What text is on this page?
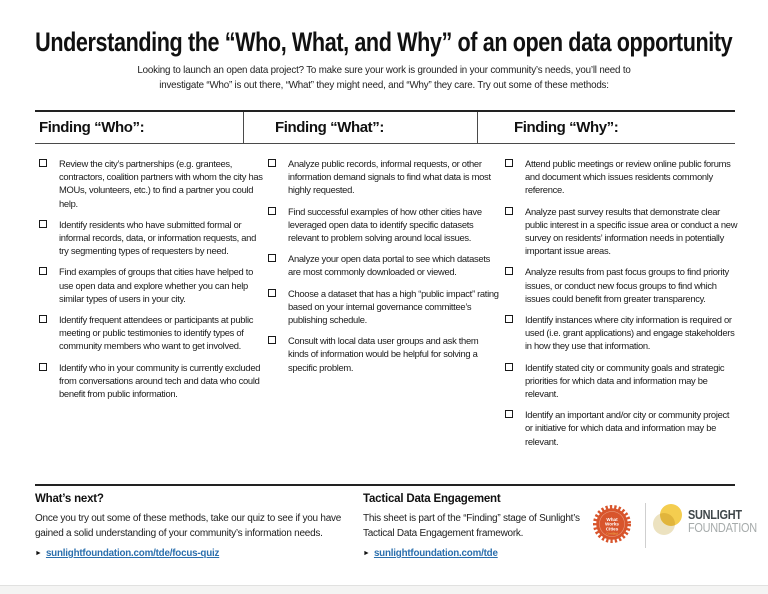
Understanding the “Who, What, and Why” of an open data opportunity
Looking to launch an open data project? To make sure your work is grounded in your community’s needs, you’ll need to
investigate “Who” is out there, “What” they might need, and “Why” they care. Try out some of these methods:
Finding “Who”:	Finding “What”:	Finding “Why”:
Review the city’s partnerships (e.g. grantees, contractors, coalition partners with whom the city has MOUs, volunteers, etc.) to find a partner you could help.
Identify residents who have submitted formal or informal records, data, or information requests, and try segmenting types of requesters by need.
Find examples of groups that cities have helped to use open data and explore whether you can help similar types of users in your city.
Identify frequent attendees or participants at public meeting or public testimonies to identify types of community members who want to get involved.
Identify who in your community is currently excluded from conversations around tech and data who could benefit from public information.
Analyze public records, informal requests, or other information demand signals to find what data is most highly requested.
Find successful examples of how other cities have leveraged open data to identify specific datasets relevant to problem solving around local issues.
Analyze your open data portal to see which datasets are most commonly downloaded or viewed.
Choose a dataset that has a high “public impact” rating based on your internal governance committee’s publishing schedule.
Consult with local data user groups and ask them kinds of information would be helpful for solving a specific problem.
Attend public meetings or review online public forums and document which issues residents commonly reference.
Analyze past survey results that demonstrate clear public interest in a specific issue area or conduct a new survey on residents’ information needs in potentially important issue areas.
Analyze results from past focus groups to find priority issues, or conduct new focus groups to find which issues could benefit from greater transparency.
Identify instances where city information is required or used (i.e. grant applications) and engage stakeholders in how they use that information.
Identify stated city or community goals and strategic priorities for which data and information may be relevant.
Identify an important and/or city or community project or initiative for which data and information may be relevant.
What’s next?
Once you try out some of these methods, take our quiz to see if you have gained a solid understanding of your community’s information needs.
► sunlightfoundation.com/tde/focus-quiz
Tactical Data Engagement
This sheet is part of the “Finding” stage of Sunlight’s Tactical Data Engagement framework.
► sunlightfoundation.com/tde
What
Works
Cities
Certified
SUNLIGHT
FOUNDATION
